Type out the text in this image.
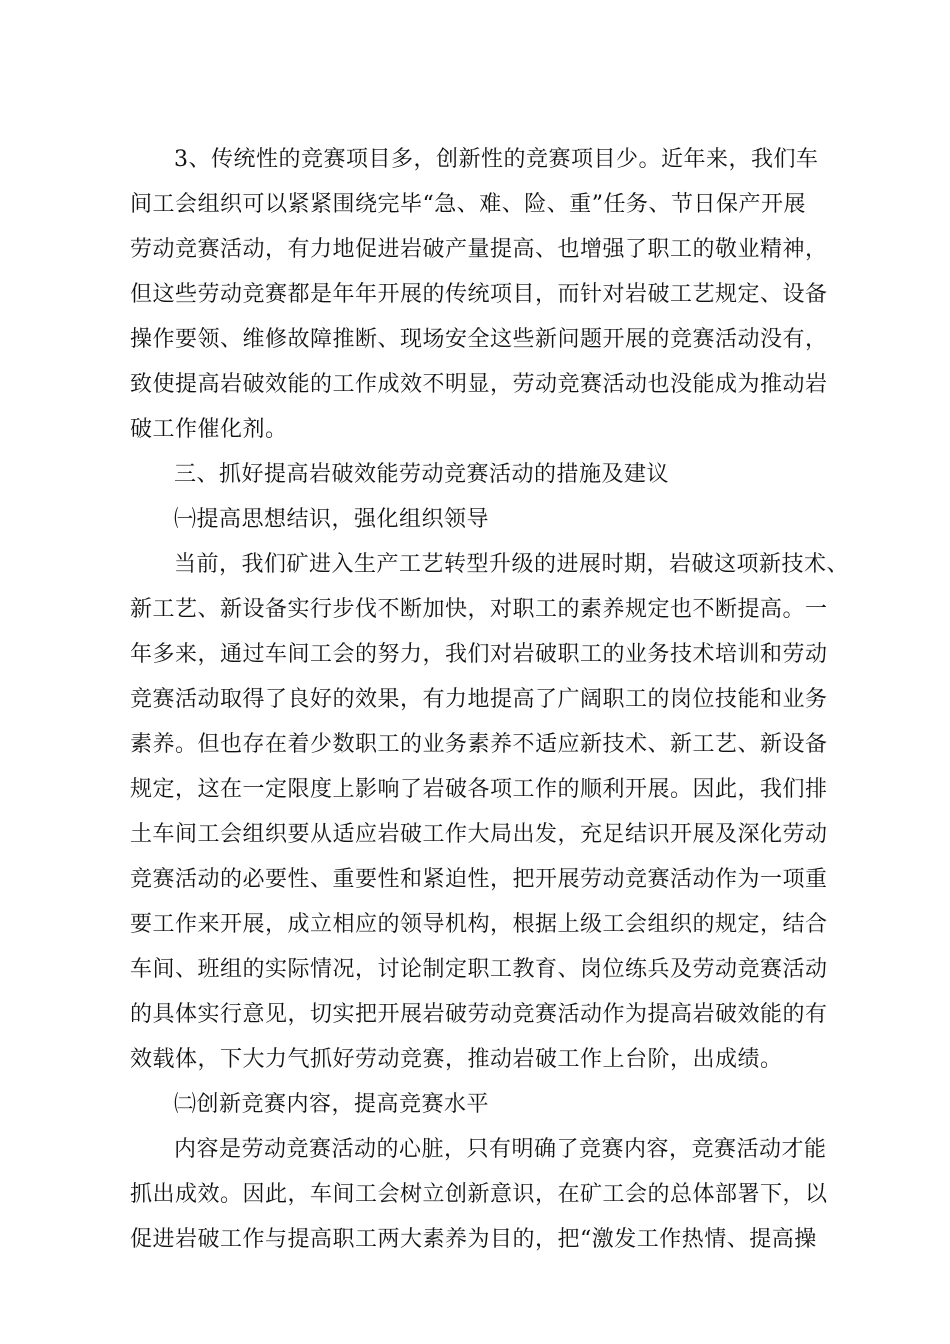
3、传统性的竞赛项目多，创新性的竞赛项目少。近年来，我们车
间工会组织可以紧紧围绕完毕“急、难、险、重”任务、节日保产开展
劳动竞赛活动，有力地促进岩破产量提高、也增强了职工的敬业精神，
但这些劳动竞赛都是年年开展的传统项目，而针对岩破工艺规定、设备
操作要领、维修故障推断、现场安全这些新问题开展的竞赛活动没有，
致使提高岩破效能的工作成效不明显，劳动竞赛活动也没能成为推动岩
破工作催化剂。
三、抓好提高岩破效能劳动竞赛活动的措施及建议
㈠提高思想结识，强化组织领导
当前，我们矿进入生产工艺转型升级的进展时期，岩破这项新技术、
新工艺、新设备实行步伐不断加快，对职工的素养规定也不断提高。一
年多来，通过车间工会的努力，我们对岩破职工的业务技术培训和劳动
竞赛活动取得了良好的效果，有力地提高了广阔职工的岗位技能和业务
素养。但也存在着少数职工的业务素养不适应新技术、新工艺、新设备
规定，这在一定限度上影响了岩破各项工作的顺利开展。因此，我们排
土车间工会组织要从适应岩破工作大局出发，充足结识开展及深化劳动
竞赛活动的必要性、重要性和紧迫性，把开展劳动竞赛活动作为一项重
要工作来开展，成立相应的领导机构，根据上级工会组织的规定，结合
车间、班组的实际情况，讨论制定职工教育、岗位练兵及劳动竞赛活动
的具体实行意见，切实把开展岩破劳动竞赛活动作为提高岩破效能的有
效载体，下大力气抓好劳动竞赛，推动岩破工作上台阶，出成绩。
㈡创新竞赛内容，提高竞赛水平
内容是劳动竞赛活动的心脏，只有明确了竞赛内容，竞赛活动才能
抓出成效。因此，车间工会树立创新意识，在矿工会的总体部署下，以
促进岩破工作与提高职工两大素养为目的，把“激发工作热情、提高操
